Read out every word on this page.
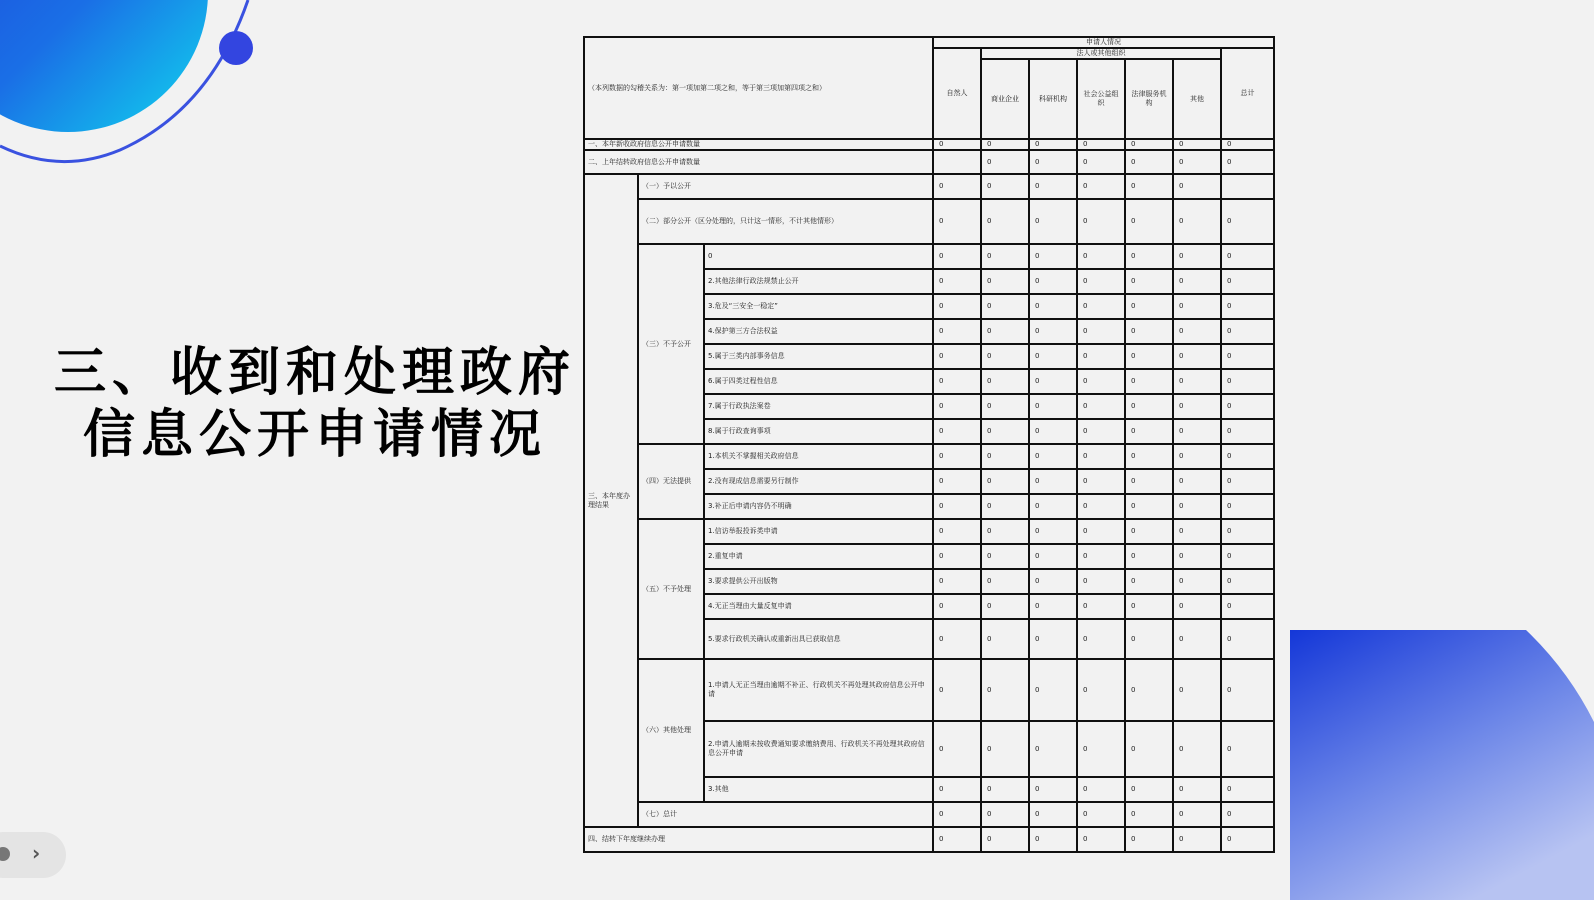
三、收到和处理政府
信息公开申请情况
（本列数据的勾稽关系为：第一项加第二项之和，等于第三项加第四项之和）			申请人情况						
			自然人	法人或其他组织					总计
				商业企业	科研机构	社会公益组织	法律服务机构	其他	
一、本年新收政府信息公开申请数量			0	0	0	0	0	0	0
二、上年结转政府信息公开申请数量				0	0	0	0	0	0
三、本年度办理结果	（一）予以公开		0	0	0	0	0	0	
	（二）部分公开（区分处理的，只计这一情形，不计其他情形）		0	0	0	0	0	0	0
	（三）不予公开	0	0	0	0	0	0	0	0
		2.其他法律行政法规禁止公开	0	0	0	0	0	0	0
		3.危及“三安全一稳定”	0	0	0	0	0	0	0
		4.保护第三方合法权益	0	0	0	0	0	0	0
		5.属于三类内部事务信息	0	0	0	0	0	0	0
		6.属于四类过程性信息	0	0	0	0	0	0	0
		7.属于行政执法案卷	0	0	0	0	0	0	0
		8.属于行政查询事项	0	0	0	0	0	0	0
	（四）无法提供	1.本机关不掌握相关政府信息	0	0	0	0	0	0	0
		2.没有现成信息需要另行制作	0	0	0	0	0	0	0
		3.补正后申请内容仍不明确	0	0	0	0	0	0	0
	（五）不予处理	1.信访举报投诉类申请	0	0	0	0	0	0	0
		2.重复申请	0	0	0	0	0	0	0
		3.要求提供公开出版物	0	0	0	0	0	0	0
		4.无正当理由大量反复申请	0	0	0	0	0	0	0
		5.要求行政机关确认或重新出具已获取信息	0	0	0	0	0	0	0
	（六）其他处理	1.申请人无正当理由逾期不补正、行政机关不再处理其政府信息公开申请	0	0	0	0	0	0	0
		2.申请人逾期未按收费通知要求缴纳费用、行政机关不再处理其政府信息公开申请	0	0	0	0	0	0	0
		3.其他	0	0	0	0	0	0	0
	（七）总计		0	0	0	0	0	0	0
四、结转下年度继续办理			0	0	0	0	0	0	0
›
